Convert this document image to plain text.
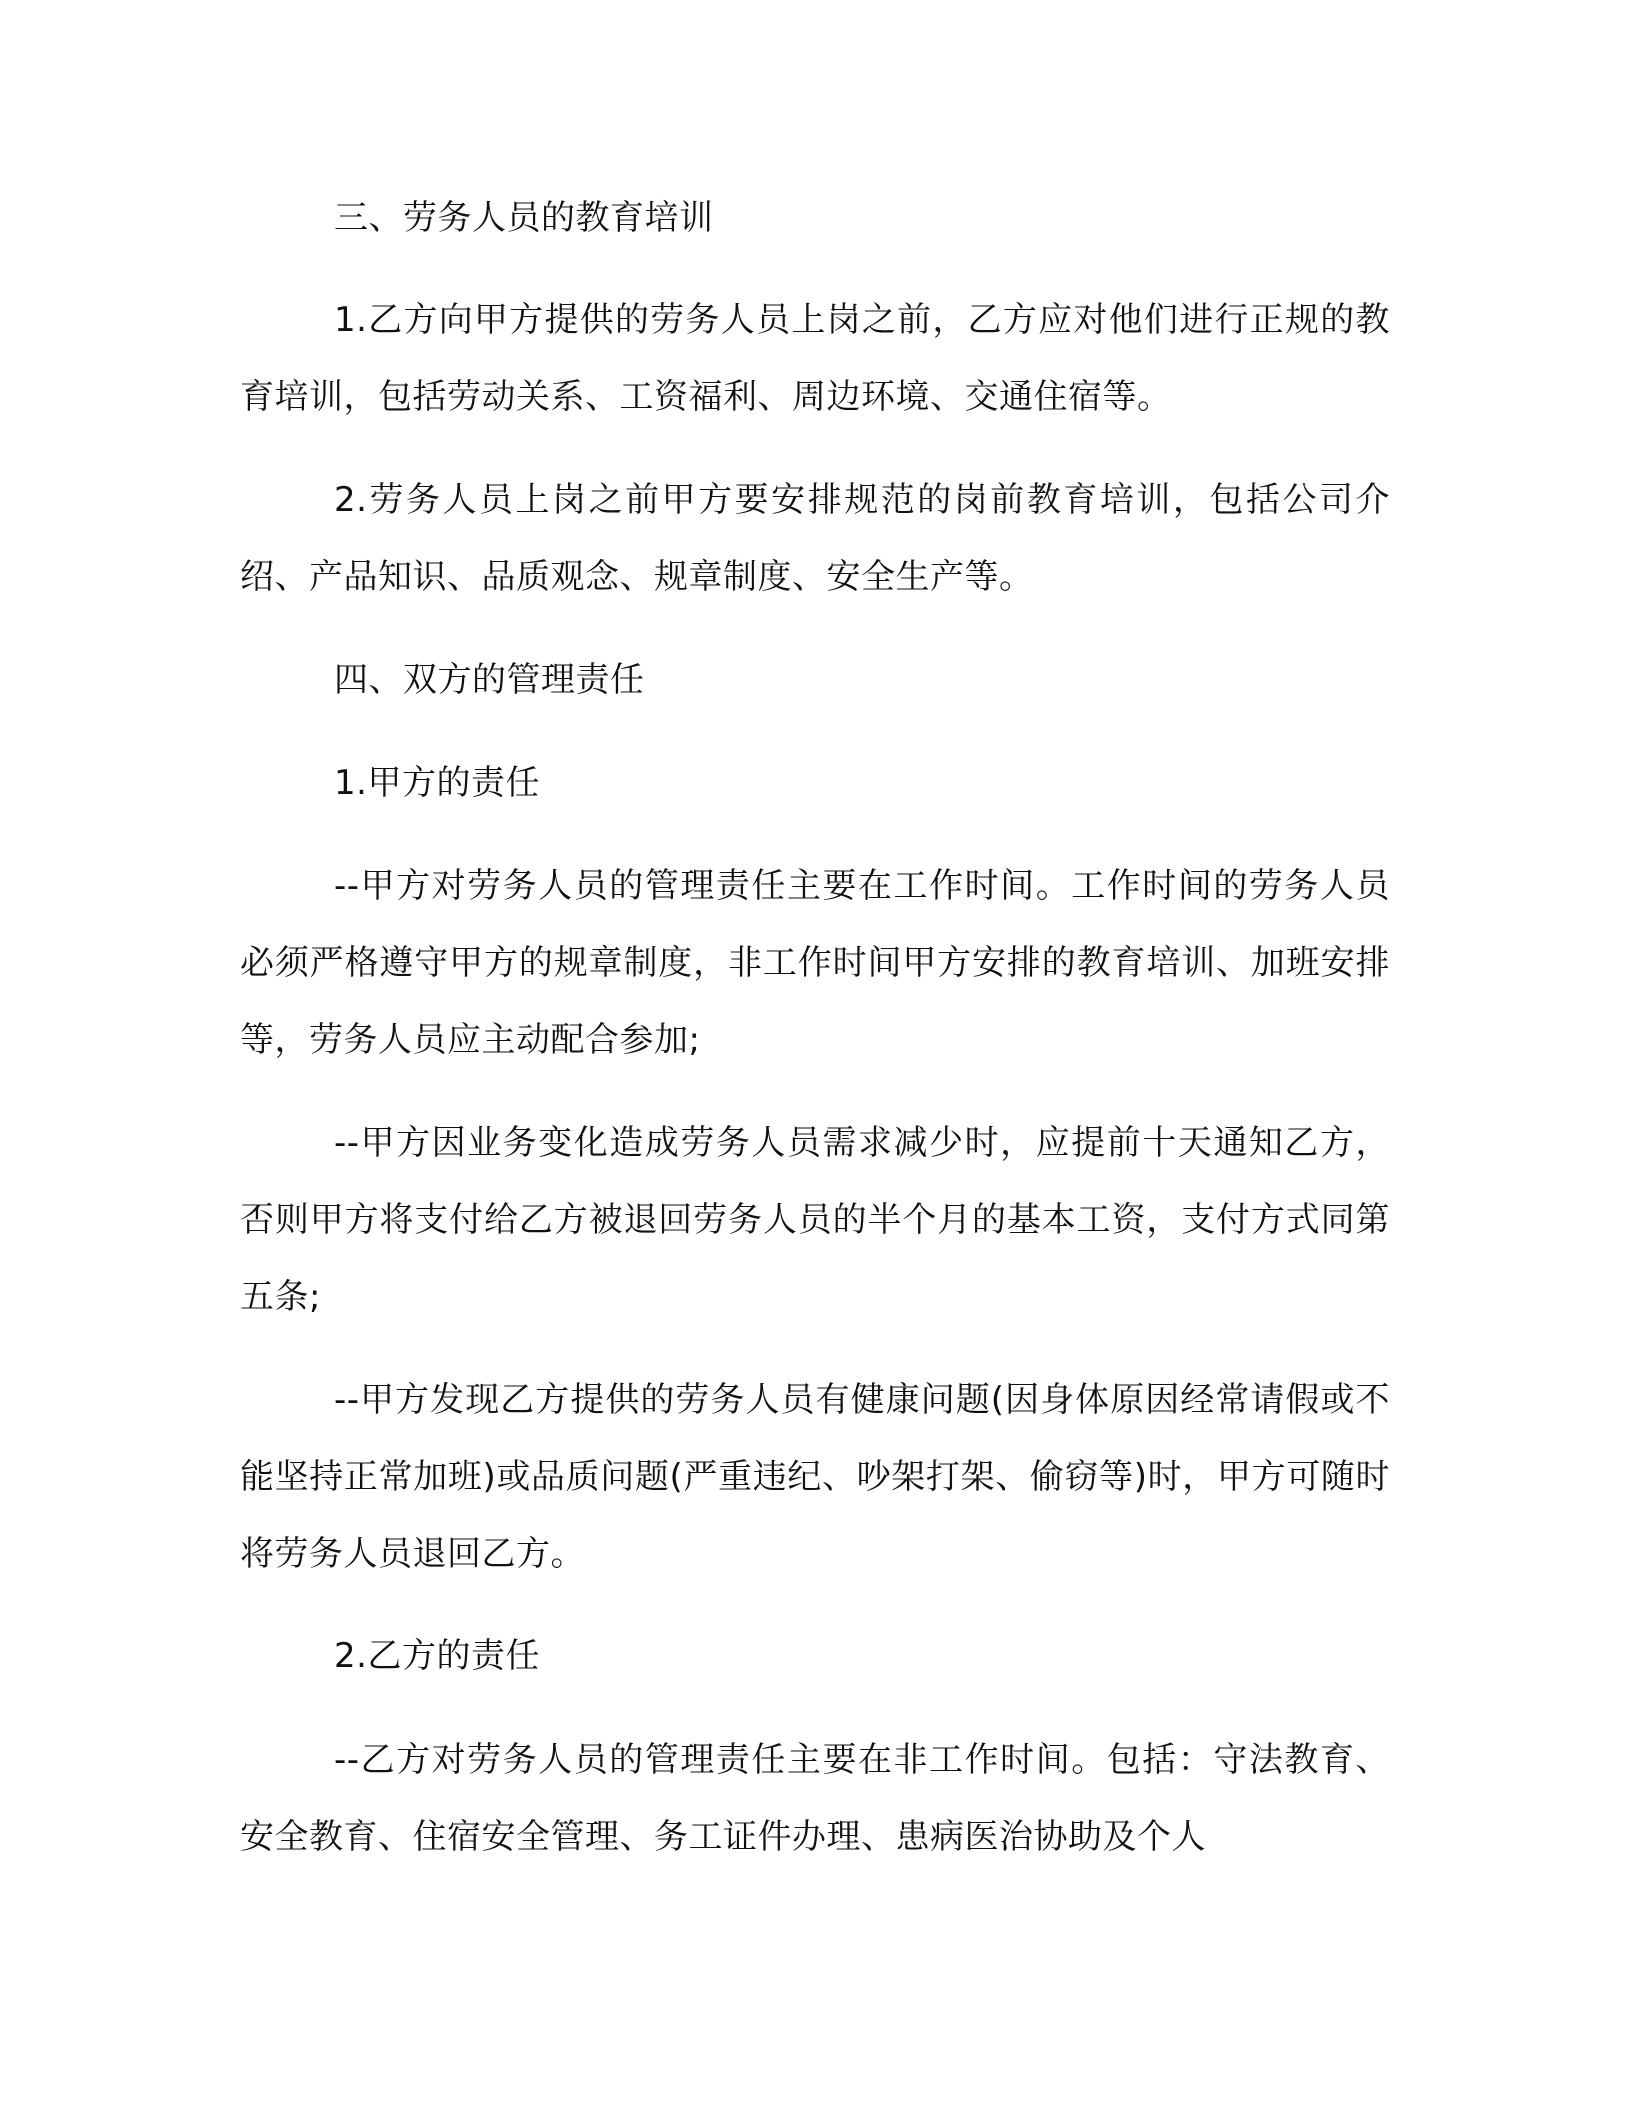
三、劳务人员的教育培训

1.乙方向甲方提供的劳务人员上岗之前，乙方应对他们进行正规的教育培训，包括劳动关系、工资福利、周边环境、交通住宿等。

2.劳务人员上岗之前甲方要安排规范的岗前教育培训，包括公司介绍、产品知识、品质观念、规章制度、安全生产等。

四、双方的管理责任

1.甲方的责任

--甲方对劳务人员的管理责任主要在工作时间。工作时间的劳务人员必须严格遵守甲方的规章制度，非工作时间甲方安排的教育培训、加班安排等，劳务人员应主动配合参加;

--甲方因业务变化造成劳务人员需求减少时，应提前十天通知乙方，否则甲方将支付给乙方被退回劳务人员的半个月的基本工资，支付方式同第五条;

--甲方发现乙方提供的劳务人员有健康问题(因身体原因经常请假或不能坚持正常加班)或品质问题(严重违纪、吵架打架、偷窃等)时，甲方可随时将劳务人员退回乙方。

2.乙方的责任

--乙方对劳务人员的管理责任主要在非工作时间。包括：守法教育、安全教育、住宿安全管理、务工证件办理、患病医治协助及个人
